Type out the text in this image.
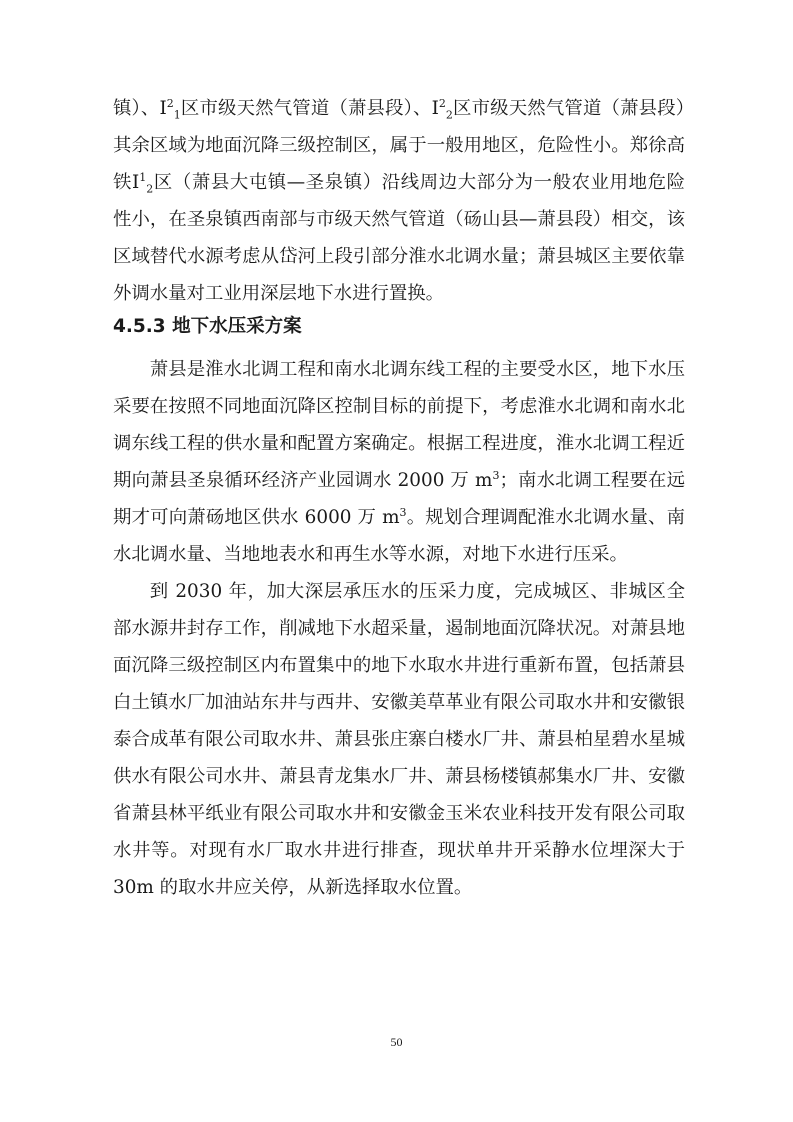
镇）、$I^2_1$区市级天然气管道（萧县段）、$I^2_2$区市级天然气管道（萧县段）其余区域为地面沉降三级控制区，属于一般用地区，危险性小。郑徐高铁$I^1_2$区（萧县大屯镇—圣泉镇）沿线周边大部分为一般农业用地危险性小，在圣泉镇西南部与市级天然气管道（砀山县—萧县段）相交，该区域替代水源考虑从岱河上段引部分淮水北调水量；萧县城区主要依靠外调水量对工业用深层地下水进行置换。
4.5.3 地下水压采方案

萧县是淮水北调工程和南水北调东线工程的主要受水区，地下水压采要在按照不同地面沉降区控制目标的前提下，考虑淮水北调和南水北调东线工程的供水量和配置方案确定。根据工程进度，淮水北调工程近期向萧县圣泉循环经济产业园调水 2000 万 $m^3$；南水北调工程要在远期才可向萧砀地区供水 6000 万 $m^3$。规划合理调配淮水北调水量、南水北调水量、当地地表水和再生水等水源，对地下水进行压采。

到 2030 年，加大深层承压水的压采力度，完成城区、非城区全部水源井封存工作，削减地下水超采量，遏制地面沉降状况。对萧县地面沉降三级控制区内布置集中的地下水取水井进行重新布置，包括萧县白土镇水厂加油站东井与西井、安徽美草革业有限公司取水井和安徽银泰合成革有限公司取水井、萧县张庄寨白楼水厂井、萧县柏星碧水星城供水有限公司水井、萧县青龙集水厂井、萧县杨楼镇郝集水厂井、安徽省萧县林平纸业有限公司取水井和安徽金玉米农业科技开发有限公司取水井等。对现有水厂取水井进行排查，现状单井开采静水位埋深大于 30m 的取水井应关停，从新选择取水位置。

50
